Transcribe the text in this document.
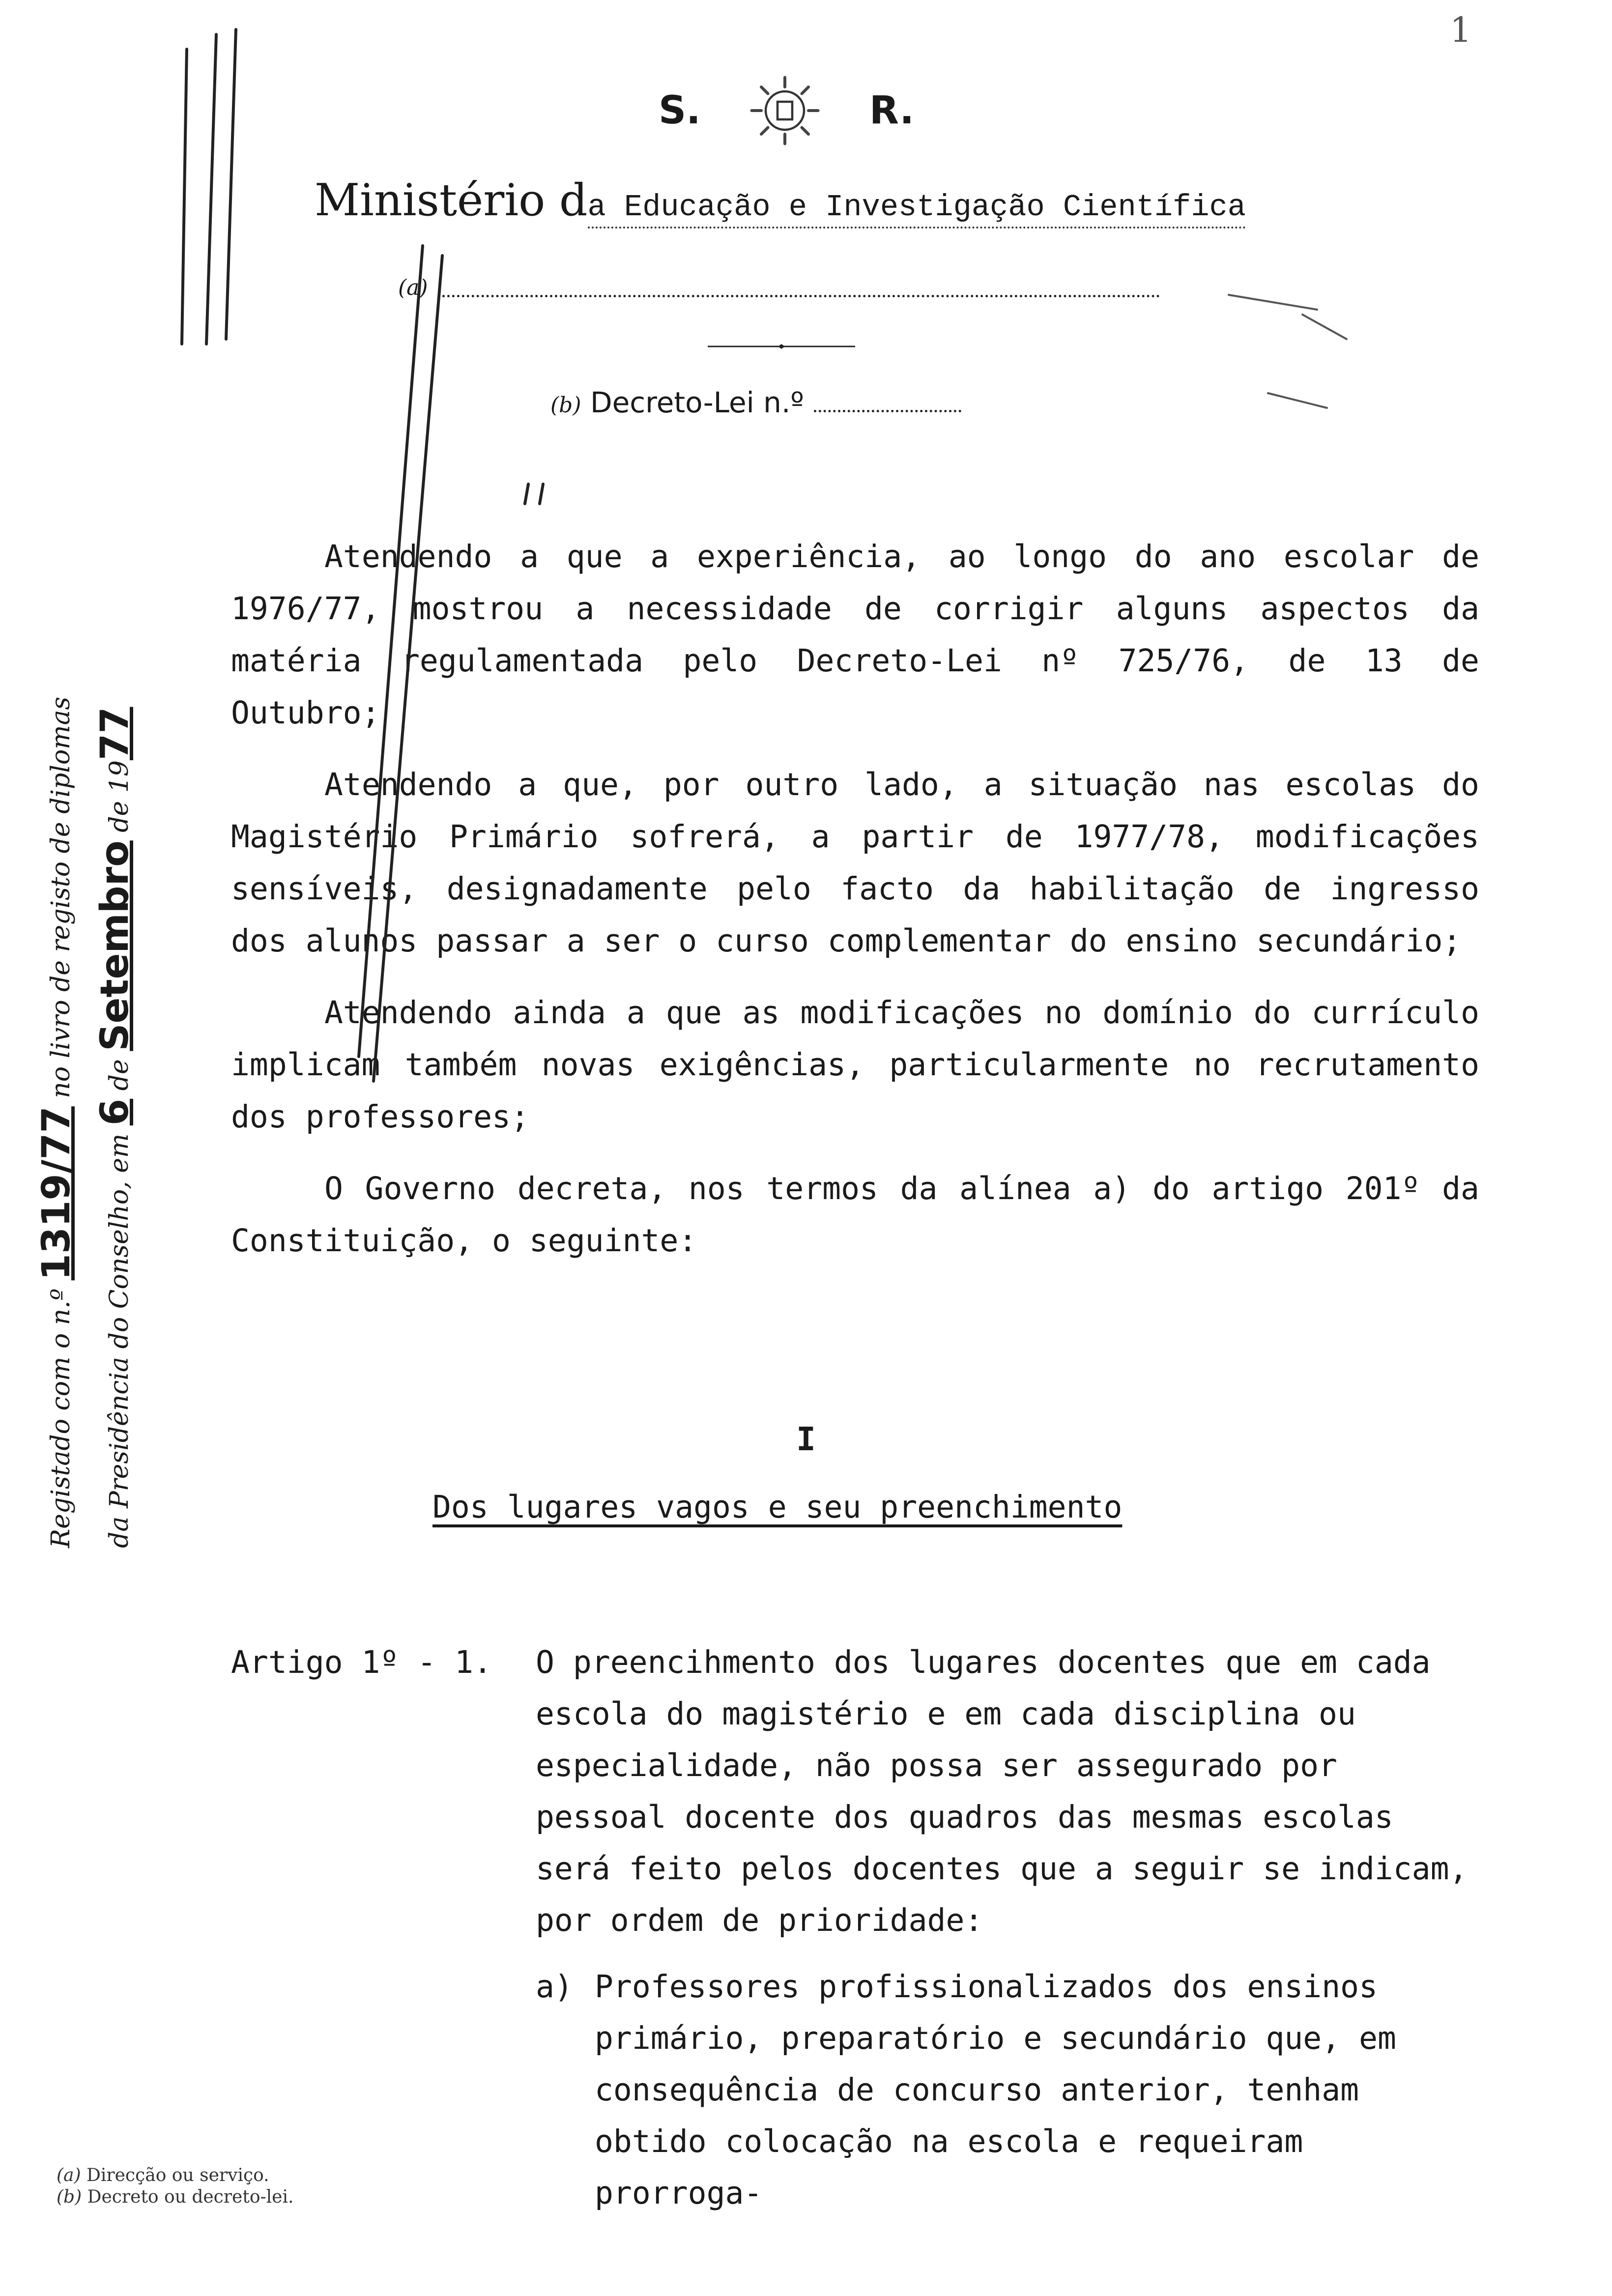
1
S.	R.
Ministério da Educação e Investigação Científica
(a)
(b) Decreto-Lei n.º

Atendendo a que a experiência, ao longo do ano escolar de 1976/77, mostrou a necessidade de corrigir alguns aspectos da matéria regulamentada pelo Decreto-Lei nº 725/76, de 13 de Outubro;

Atendendo a que, por outro lado, a situação nas escolas do Magistério Primário sofrerá, a partir de 1977/78, modificações sensíveis, designadamente pelo facto da habilitação de ingresso dos alunos passar a ser o curso complementar do ensino secundário;

Atendendo ainda a que as modificações no domínio do currículo implicam também novas exigências, particularmente no recrutamento dos professores;

O Governo decreta, nos termos da alínea a) do artigo 201º da Constituição, o seguinte:

I
Dos lugares vagos e seu preenchimento
Artigo 1º - 1. O preencihmento dos lugares docentes que em cada escola do magistério e em cada disciplina ou especialidade, não possa ser assegurado por pessoal docente dos quadros das mesmas escolas será feito pelos docentes que a seguir se indicam, por ordem de prioridade:
a) Professores profissionalizados dos ensinos primário, preparatório e secundário que, em consequência de concurso anterior, tenham obtido colocação na escola e requeiram prorroga-
Registado com o n.º 1319/77 no livro de registo de diplomas
da Presidência do Conselho, em 6 de Setembro de 1977
(a) Direcção ou serviço.
(b) Decreto ou decreto-lei.
